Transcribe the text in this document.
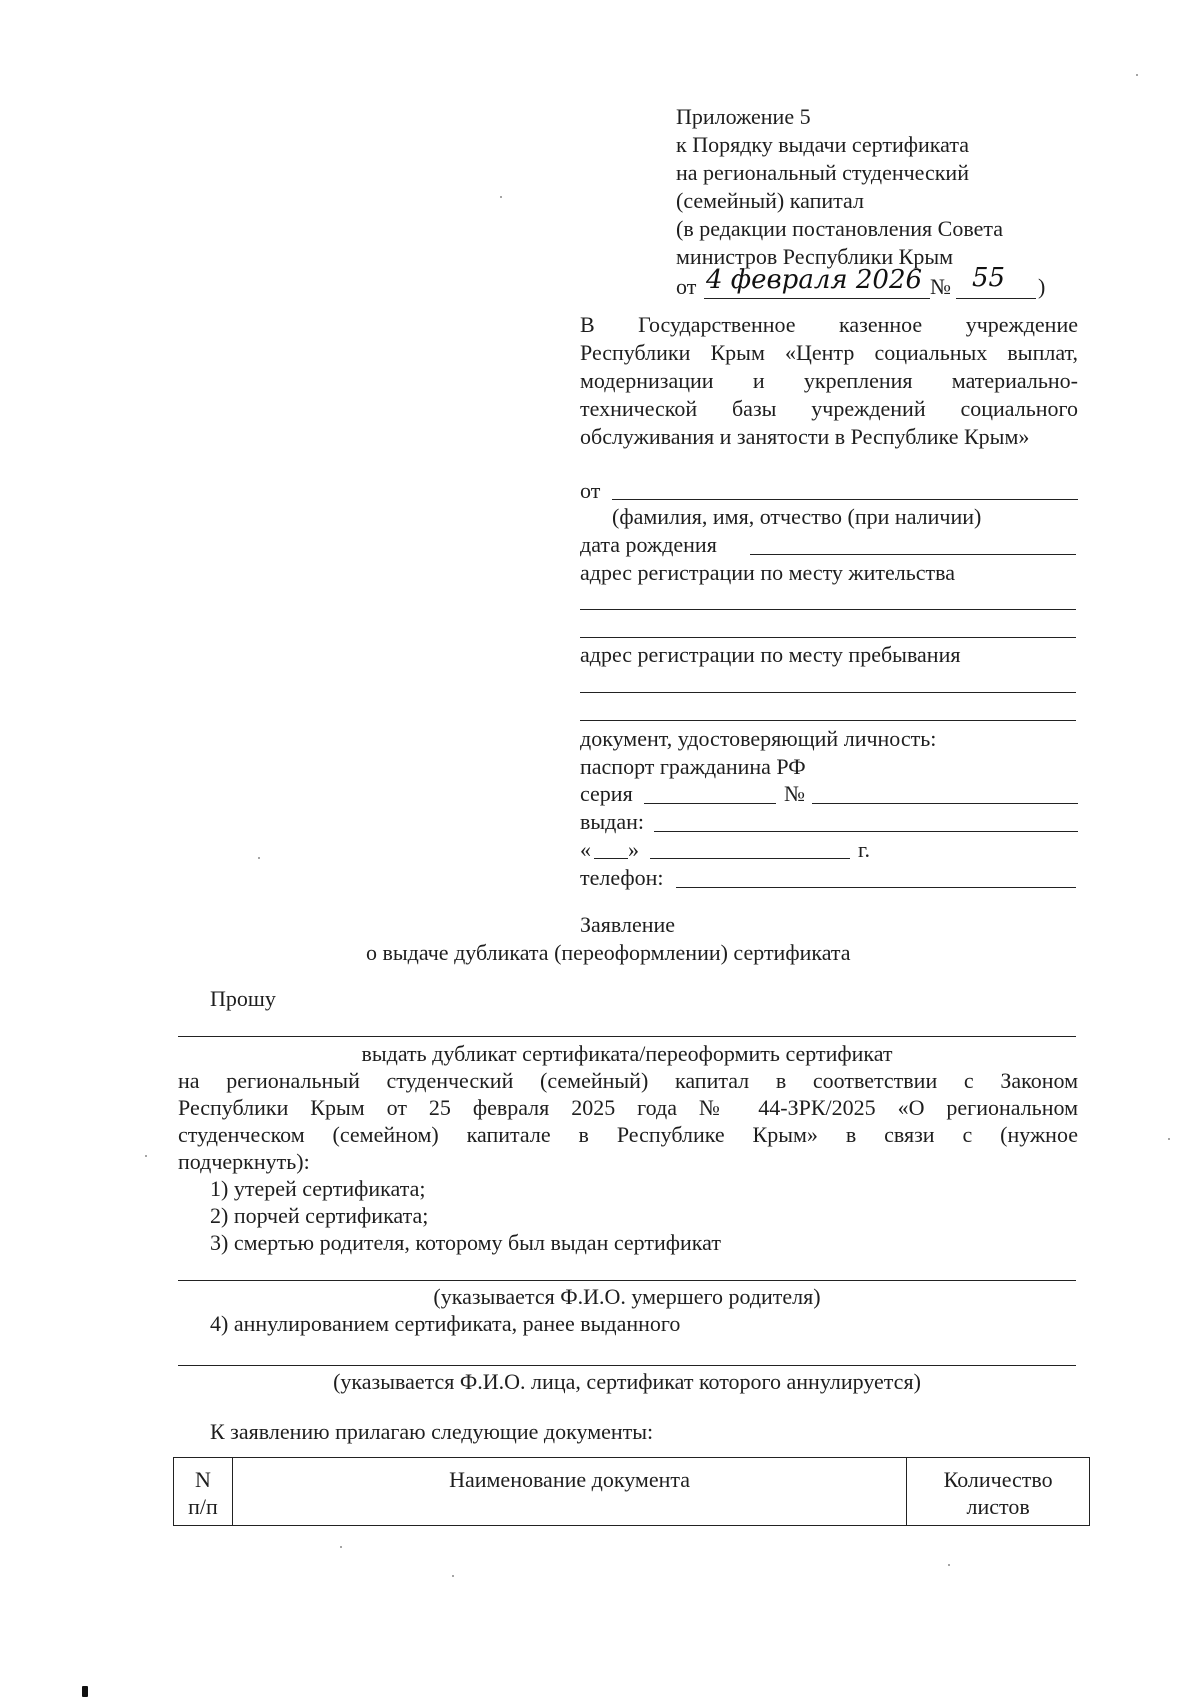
Приложение 5
к Порядку выдачи сертификата
на региональный студенческий
(семейный) капитал
(в редакции постановления Совета
министров Республики Крым
от 4 февраля 2026 № 55 )
В Государственное казенное учреждение
Республики Крым «Центр социальных выплат,
модернизации и укрепления материально-
технической базы учреждений социального
обслуживания и занятости в Республике Крым»
от
(фамилия, имя, отчество (при наличии)
дата рождения
адрес регистрации по месту жительства
адрес регистрации по месту пребывания
документ, удостоверяющий личность:
паспорт гражданина РФ
серия	№
выдан:
« »	г.
телефон:
Заявление
о выдаче дубликата (переоформлении) сертификата
Прошу
выдать дубликат сертификата/переоформить сертификат
на региональный студенческий (семейный) капитал в соответствии с Законом
Республики Крым от 25 февраля 2025 года № 44-ЗРК/2025 «О региональном
студенческом (семейном) капитале в Республике Крым» в связи с (нужное
подчеркнуть):
1) утерей сертификата;
2) порчей сертификата;
3) смертью родителя, которому был выдан сертификат
(указывается Ф.И.О. умершего родителя)
4) аннулированием сертификата, ранее выданного
(указывается Ф.И.О. лица, сертификат которого аннулируется)
К заявлению прилагаю следующие документы:
N
п/п	Наименование документа	Количество
листов
